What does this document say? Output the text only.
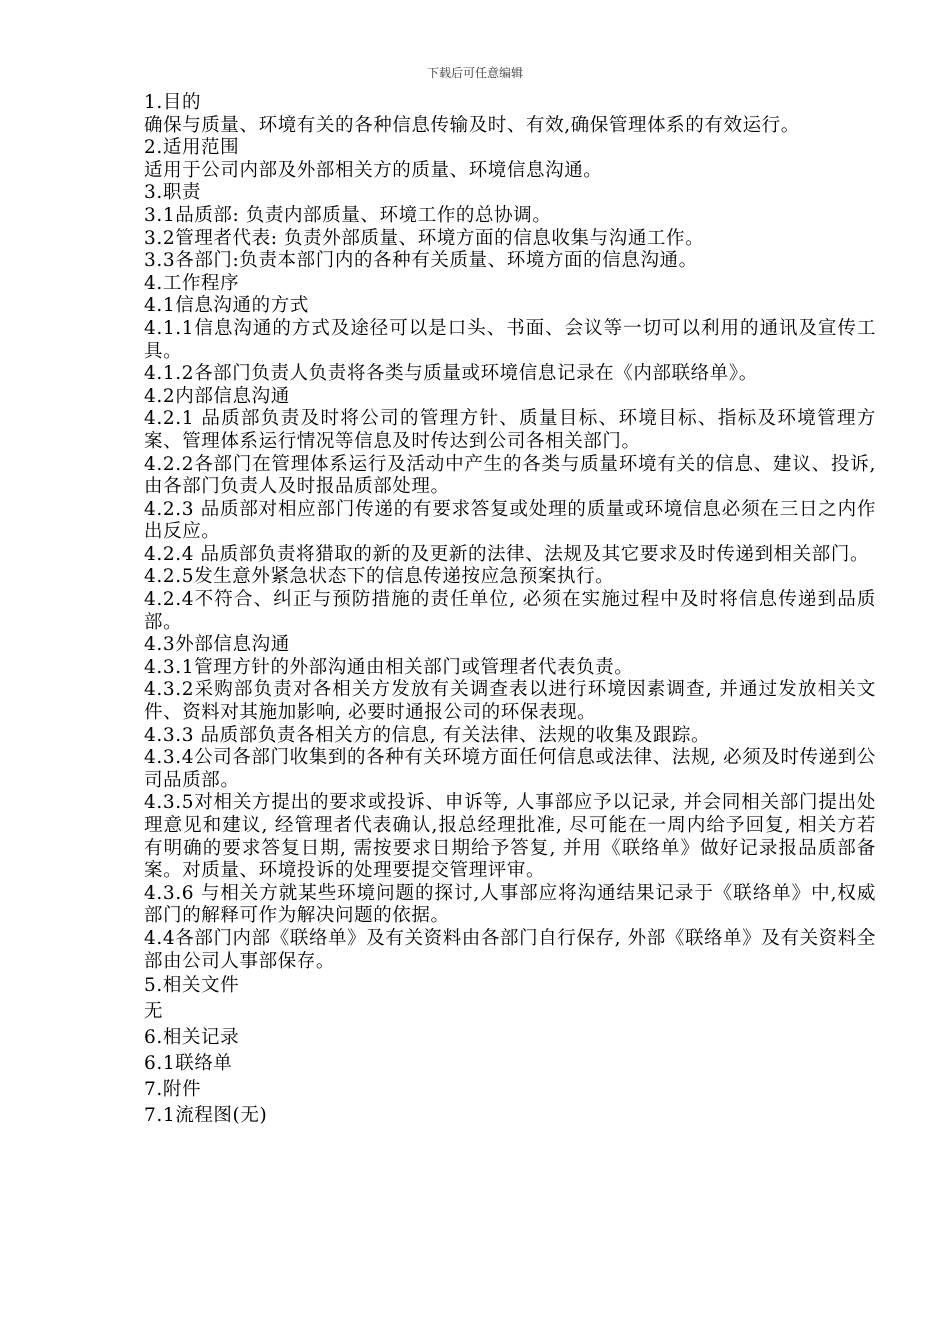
下载后可任意编辑

1.目的

确保与质量、环境有关的各种信息传输及时、有效,确保管理体系的有效运行。

2.适用范围

适用于公司内部及外部相关方的质量、环境信息沟通。

3.职责

3.1品质部: 负责内部质量、环境工作的总协调。

3.2管理者代表: 负责外部质量、环境方面的信息收集与沟通工作。

3.3各部门:负责本部门内的各种有关质量、环境方面的信息沟通。

4.工作程序

4.1信息沟通的方式

4.1.1信息沟通的方式及途径可以是口头、书面、会议等一切可以利用的通讯及宣传工具。

4.1.2各部门负责人负责将各类与质量或环境信息记录在《内部联络单》。

4.2内部信息沟通

4.2.1 品质部负责及时将公司的管理方针、质量目标、环境目标、指标及环境管理方案、管理体系运行情况等信息及时传达到公司各相关部门。

4.2.2各部门在管理体系运行及活动中产生的各类与质量环境有关的信息、建议、投诉, 由各部门负责人及时报品质部处理。

4.2.3 品质部对相应部门传递的有要求答复或处理的质量或环境信息必须在三日之内作出反应。

4.2.4 品质部负责将猎取的新的及更新的法律、法规及其它要求及时传递到相关部门。

4.2.5发生意外紧急状态下的信息传递按应急预案执行。

4.2.4不符合、纠正与预防措施的责任单位, 必须在实施过程中及时将信息传递到品质部。

4.3外部信息沟通

4.3.1管理方针的外部沟通由相关部门或管理者代表负责。

4.3.2采购部负责对各相关方发放有关调查表以进行环境因素调查, 并通过发放相关文件、资料对其施加影响, 必要时通报公司的环保表现。

4.3.3 品质部负责各相关方的信息, 有关法律、法规的收集及跟踪。

4.3.4公司各部门收集到的各种有关环境方面任何信息或法律、法规, 必须及时传递到公司品质部。

4.3.5对相关方提出的要求或投诉、申诉等, 人事部应予以记录, 并会同相关部门提出处理意见和建议, 经管理者代表确认,报总经理批准, 尽可能在一周内给予回复, 相关方若有明确的要求答复日期, 需按要求日期给予答复, 并用《联络单》做好记录报品质部备案。对质量、环境投诉的处理要提交管理评审。

4.3.6 与相关方就某些环境问题的探讨,人事部应将沟通结果记录于《联络单》中,权威部门的解释可作为解决问题的依据。

4.4各部门内部《联络单》及有关资料由各部门自行保存, 外部《联络单》及有关资料全部由公司人事部保存。

5.相关文件

无

6.相关记录

6.1联络单

7.附件

7.1流程图(无)
